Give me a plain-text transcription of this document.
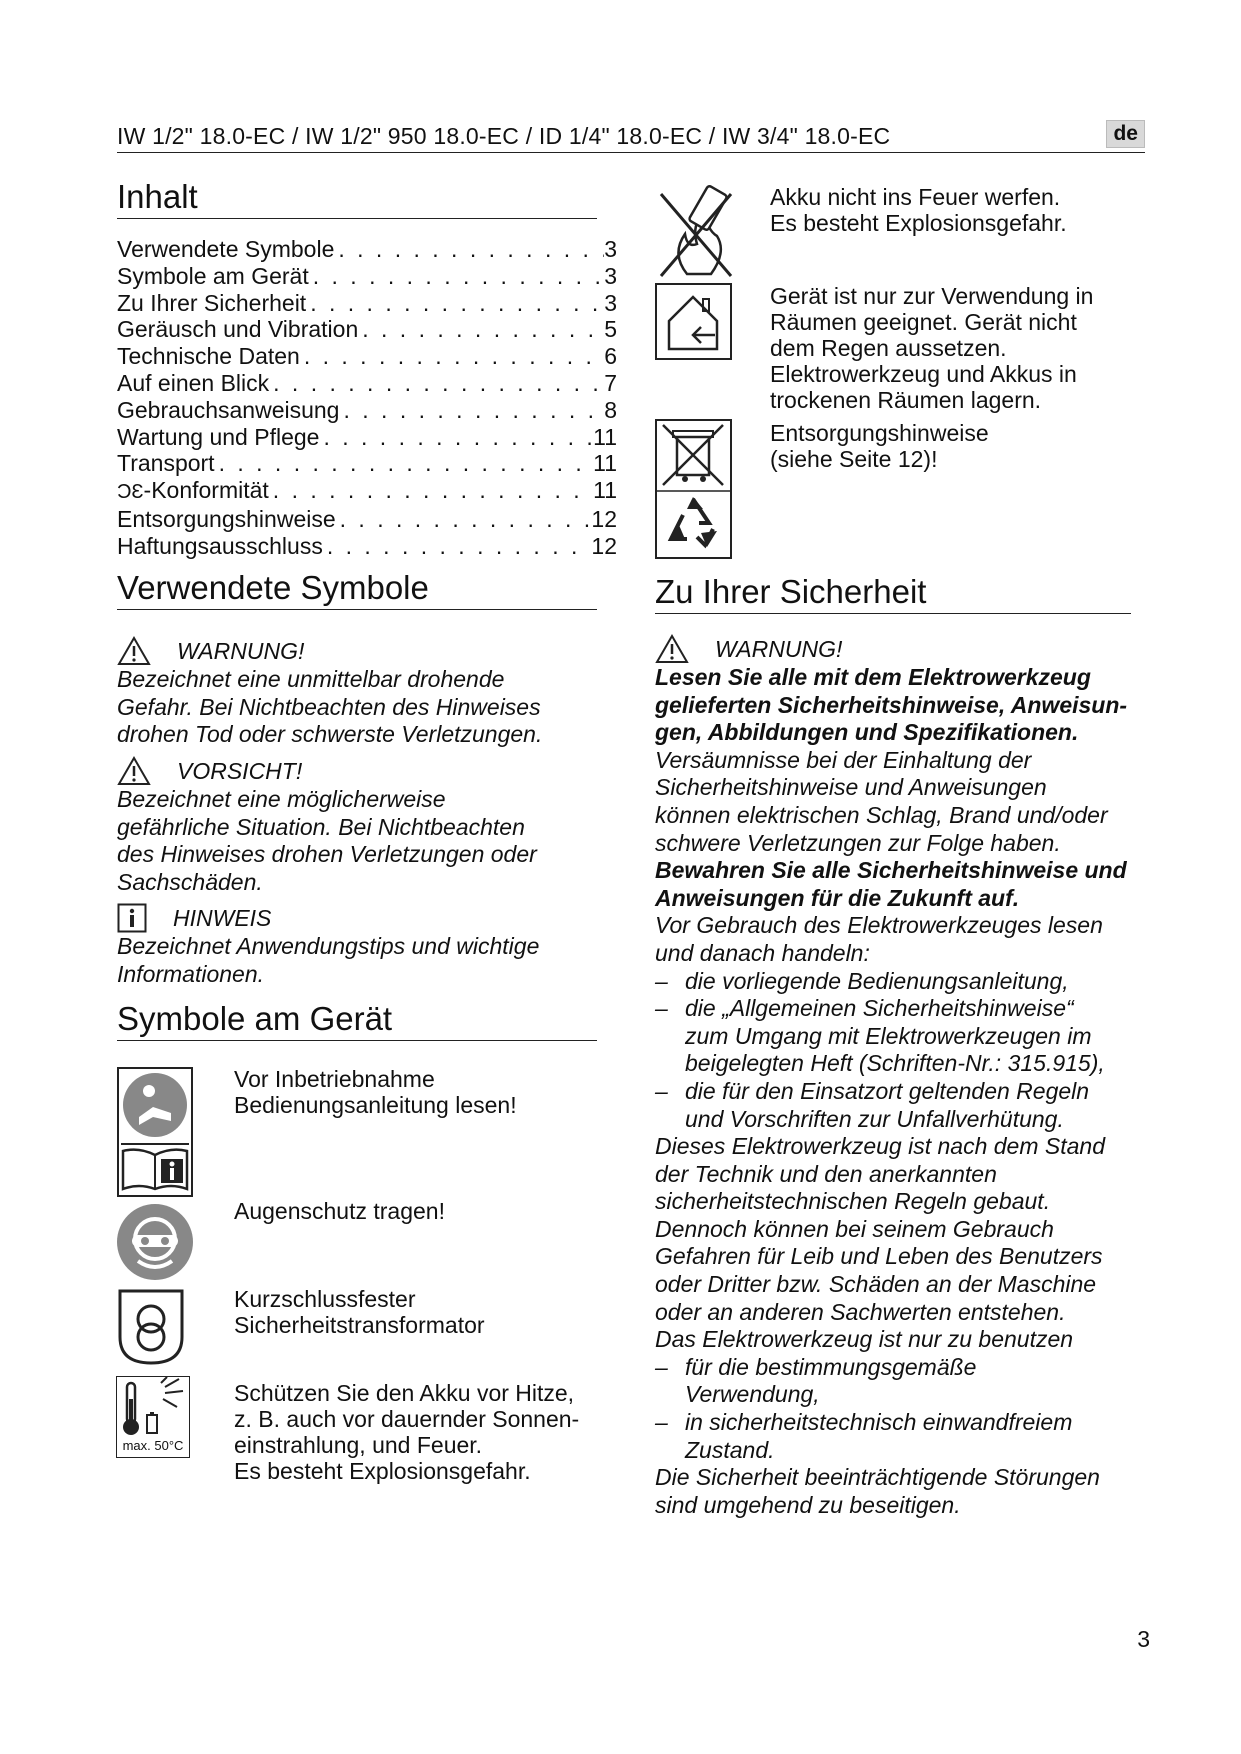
IW 1/2" 18.0-EC / IW 1/2" 950 18.0-EC / ID 1/4" 18.0-EC / IW 3/4" 18.0-EC	de
Inhalt
Verwendete Symbole . . .	3
Symbole am Gerät . . .	3
Zu Ihrer Sicherheit . . .	3
Geräusch und Vibration . . .	5
Technische Daten . . .	6
Auf einen Blick . . .	7
Gebrauchsanweisung . . .	8
Wartung und Pflege . . .	11
Transport . . .	11
ƆƐ-Konformität . . .	11
Entsorgungshinweise . . .	12
Haftungsausschluss . . .	12
Verwendete Symbole
WARNUNG!
Bezeichnet eine unmittelbar drohende
Gefahr. Bei Nichtbeachten des Hinweises
drohen Tod oder schwerste Verletzungen.
VORSICHT!
Bezeichnet eine möglicherweise
gefährliche Situation. Bei Nichtbeachten
des Hinweises drohen Verletzungen oder
Sachschäden.
HINWEIS
Bezeichnet Anwendungstips und wichtige
Informationen.
Symbole am Gerät
Vor Inbetriebnahme
Bedienungsanleitung lesen!
Augenschutz tragen!
Kurzschlussfester
Sicherheitstransformator
max. 50°C
Schützen Sie den Akku vor Hitze,
z. B. auch vor dauernder Sonnen-
einstrahlung, und Feuer.
Es besteht Explosionsgefahr.
Akku nicht ins Feuer werfen.
Es besteht Explosionsgefahr.
Gerät ist nur zur Verwendung in
Räumen geeignet. Gerät nicht
dem Regen aussetzen.
Elektrowerkzeug und Akkus in
trockenen Räumen lagern.
Entsorgungshinweise
(siehe Seite 12)!
Zu Ihrer Sicherheit
WARNUNG!
Lesen Sie alle mit dem Elektrowerkzeug
gelieferten Sicherheitshinweise, Anweisun-
gen, Abbildungen und Spezifikationen.
Versäumnisse bei der Einhaltung der
Sicherheitshinweise und Anweisungen
können elektrischen Schlag, Brand und/oder
schwere Verletzungen zur Folge haben.
Bewahren Sie alle Sicherheitshinweise und
Anweisungen für die Zukunft auf.
Vor Gebrauch des Elektrowerkzeuges lesen
und danach handeln:
– die vorliegende Bedienungsanleitung,
– die „Allgemeinen Sicherheitshinweise“
zum Umgang mit Elektrowerkzeugen im
beigelegten Heft (Schriften-Nr.: 315.915),
– die für den Einsatzort geltenden Regeln
und Vorschriften zur Unfallverhütung.
Dieses Elektrowerkzeug ist nach dem Stand
der Technik und den anerkannten
sicherheitstechnischen Regeln gebaut.
Dennoch können bei seinem Gebrauch
Gefahren für Leib und Leben des Benutzers
oder Dritter bzw. Schäden an der Maschine
oder an anderen Sachwerten entstehen.
Das Elektrowerkzeug ist nur zu benutzen
– für die bestimmungsgemäße
Verwendung,
– in sicherheitstechnisch einwandfreiem
Zustand.
Die Sicherheit beeinträchtigende Störungen
sind umgehend zu beseitigen.
3
